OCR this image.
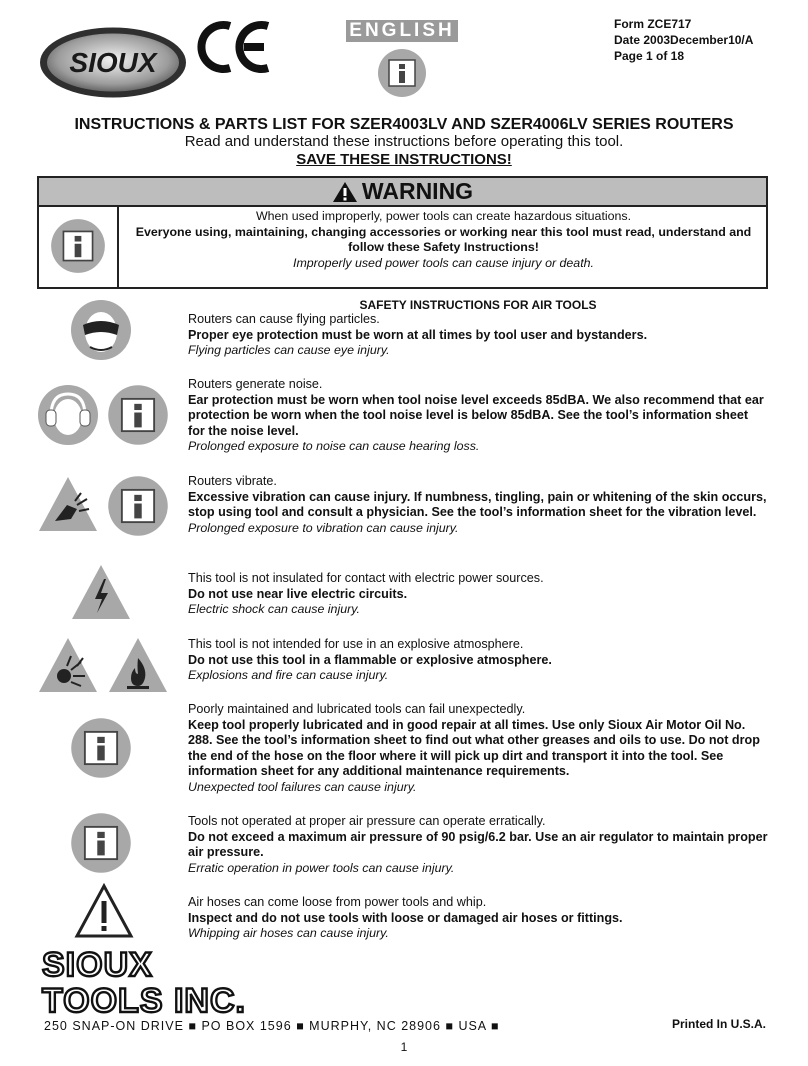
SIOUX
ENGLISH	Form ZCE717
Date 2003December10/A
Page 1 of 18
INSTRUCTIONS & PARTS LIST FOR SZER4003LV AND SZER4006LV SERIES ROUTERS
Read and understand these instructions before operating this tool.
SAVE THESE INSTRUCTIONS!
WARNING
When used improperly, power tools can create hazardous situations.
Everyone using, maintaining, changing accessories or working near this tool must read, understand and follow these Safety Instructions!
Improperly used power tools can cause injury or death.
SAFETY INSTRUCTIONS FOR AIR TOOLS
Routers can cause flying particles.
Proper eye protection must be worn at all times by tool user and bystanders.
Flying particles can cause eye injury.
Routers generate noise.
Ear protection must be worn when tool noise level exceeds 85dBA. We also recommend that ear protection be worn when the tool noise level is below 85dBA. See the tool’s information sheet for the noise level.
Prolonged exposure to noise can cause hearing loss.
Routers vibrate.
Excessive vibration can cause injury. If numbness, tingling, pain or whitening of the skin occurs, stop using tool and consult a physician. See the tool’s information sheet for the vibration level.
Prolonged exposure to vibration can cause injury.
This tool is not insulated for contact with electric power sources.
Do not use near live electric circuits.
Electric shock can cause injury.
This tool is not intended for use in an explosive atmosphere.
Do not use this tool in a flammable or explosive atmosphere.
Explosions and fire can cause injury.
Poorly maintained and lubricated tools can fail unexpectedly.
Keep tool properly lubricated and in good repair at all times. Use only Sioux Air Motor Oil No. 288. See the tool’s information sheet to find out what other greases and oils to use. Do not drop the end of the hose on the floor where it will pick up dirt and transport it into the tool. See information sheet for any additional maintenance requirements.
Unexpected tool failures can cause injury.
Tools not operated at proper air pressure can operate erratically.
Do not exceed a maximum air pressure of 90 psig/6.2 bar. Use an air regulator to maintain proper air pressure.
Erratic operation in power tools can cause injury.
Air hoses can come loose from power tools and whip.
Inspect and do not use tools with loose or damaged air hoses or fittings.
Whipping air hoses can cause injury.
SIOUX
TOOLS INC.
250 SNAP-ON DRIVE ■ PO BOX 1596 ■ MURPHY, NC 28906 ■ USA ■	Printed In U.S.A.
1
